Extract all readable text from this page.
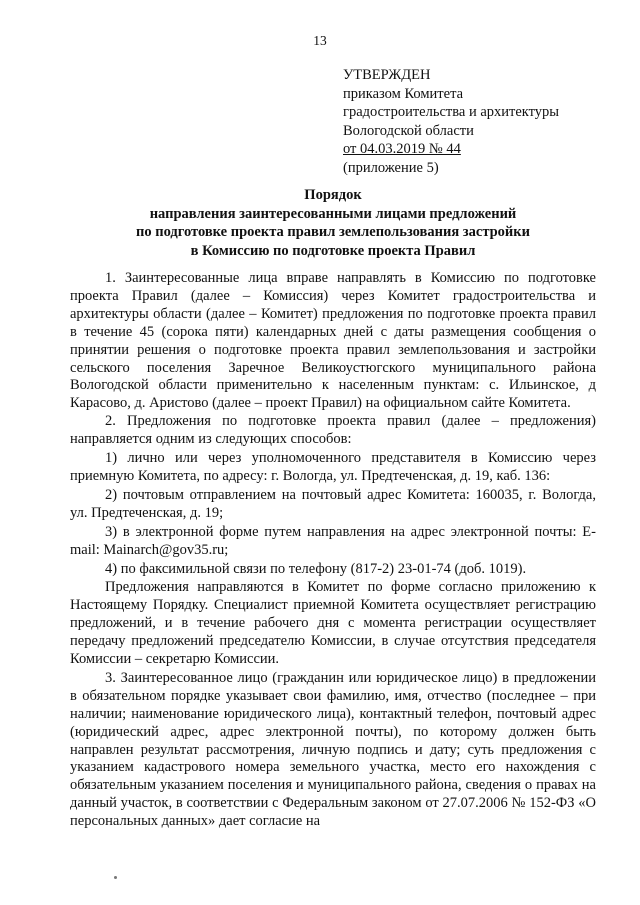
13
УТВЕРЖДЕН
приказом Комитета
градостроительства и архитектуры
Вологодской области
от 04.03.2019 № 44
(приложение 5)
Порядок
направления заинтересованными лицами предложений
по подготовке проекта правил землепользования застройки
в Комиссию по подготовке проекта Правил

1. Заинтересованные лица вправе направлять в Комиссию по подготовке проекта Правил (далее – Комиссия) через Комитет градостроительства и архитектуры области (далее – Комитет) предложения по подготовке проекта правил в течение 45 (сорока пяти) календарных дней с даты размещения сообщения о принятии решения о подготовке проекта правил землепользования и застройки сельского поселения Заречное Великоустюгского муниципального района Вологодской области применительно к населенным пунктам: с. Ильинское, д Карасово, д. Аристово (далее – проект Правил) на официальном сайте Комитета.

2. Предложения по подготовке проекта правил (далее – предложения) направляется одним из следующих способов:

1) лично или через уполномоченного представителя в Комиссию через приемную Комитета, по адресу: г. Вологда, ул. Предтеченская, д. 19, каб. 136:

2) почтовым отправлением на почтовый адрес Комитета: 160035, г. Вологда, ул. Предтеченская, д. 19;

3) в электронной форме путем направления на адрес электронной почты: E-mail: Mainarch@gov35.ru;

4) по факсимильной связи по телефону (817-2) 23-01-74 (доб. 1019).

Предложения направляются в Комитет по форме согласно приложению к Настоящему Порядку. Специалист приемной Комитета осуществляет регистрацию предложений, и в течение рабочего дня с момента регистрации осуществляет передачу предложений председателю Комиссии, в случае отсутствия председателя Комиссии – секретарю Комиссии.

3. Заинтересованное лицо (гражданин или юридическое лицо) в предложении в обязательном порядке указывает свои фамилию, имя, отчество (последнее – при наличии; наименование юридического лица), контактный телефон, почтовый адрес (юридический адрес, адрес электронной почты), по которому должен быть направлен результат рассмотрения, личную подпись и дату; суть предложения с указанием кадастрового номера земельного участка, место его нахождения с обязательным указанием поселения и муниципального района, сведения о правах на данный участок, в соответствии с Федеральным законом от 27.07.2006 № 152-ФЗ «О персональных данных» дает согласие на
